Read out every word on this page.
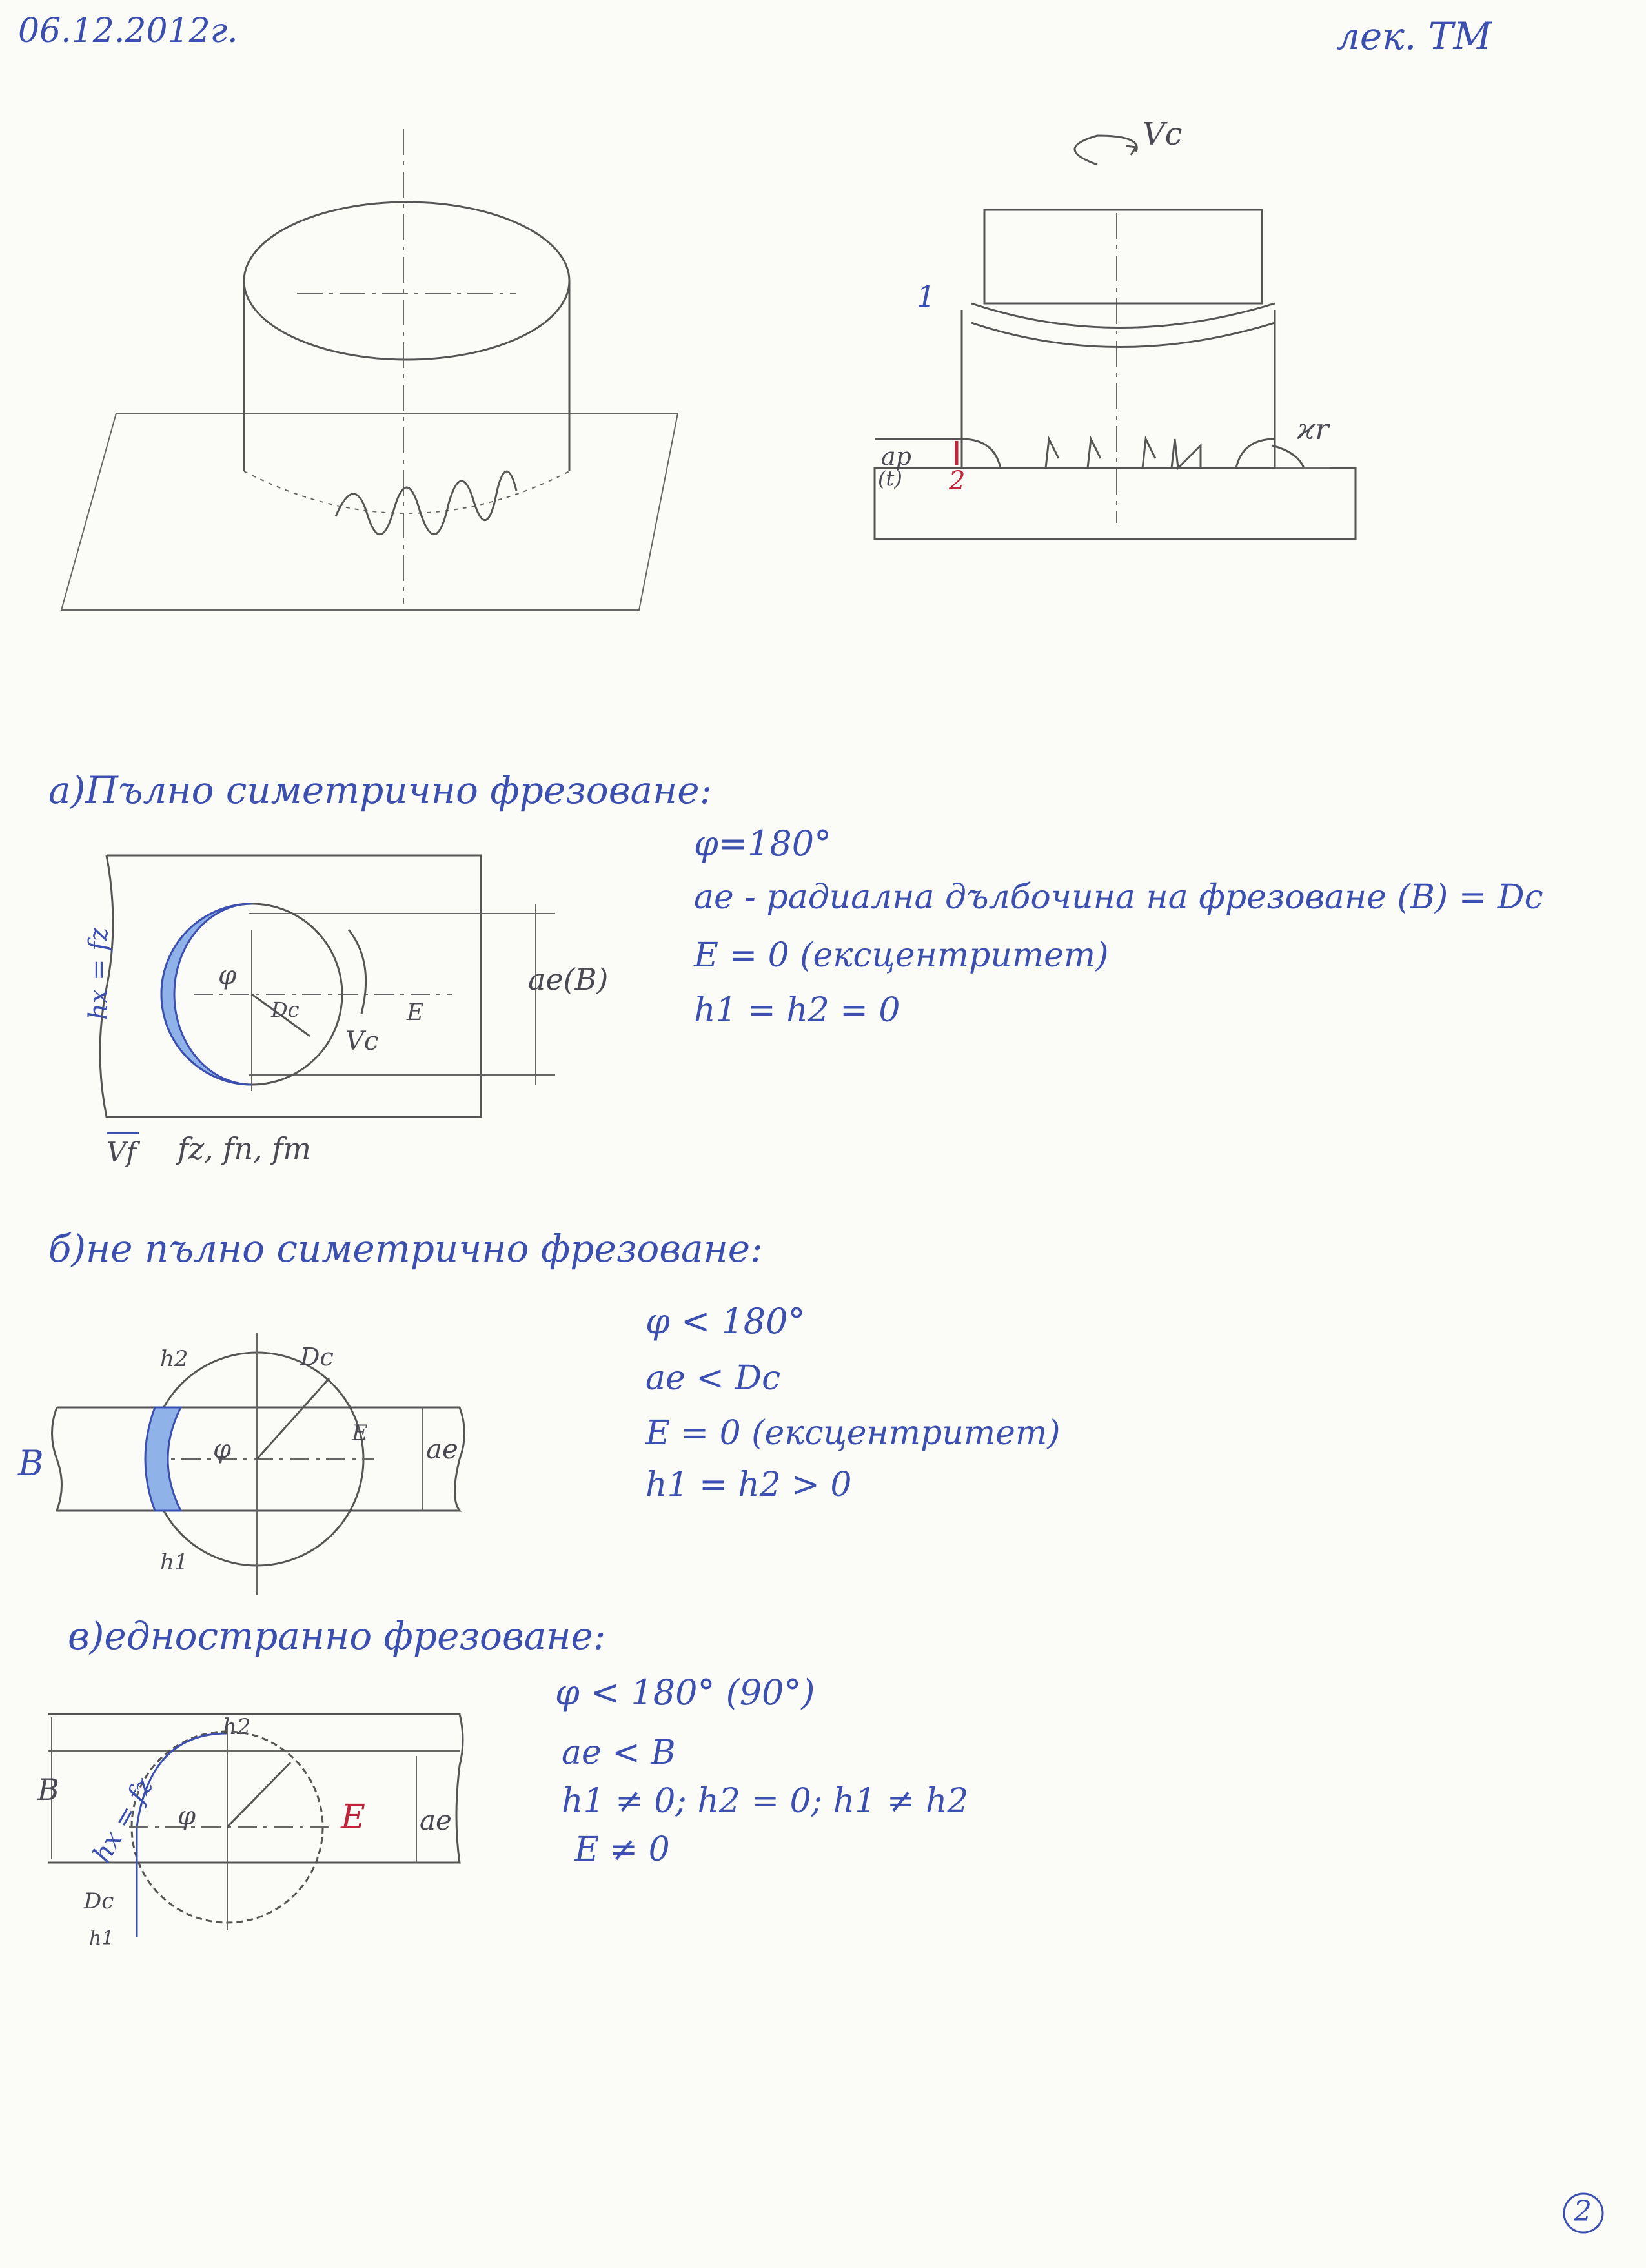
06.12.2012г.	лек. ТМ
Vc
1
2
ap
(t)
ϰr
а)Пълно симетрично фрезоване:
φ
Dc	E
Vc
ae(B)
hx = fz
Vf fz, fn, fm
φ=180°
ae - радиална дълбочина на фрезоване (B) = Dc
E = 0 (ексцентритет)
h1 = h2 = 0
б)не пълно симетрично фрезоване:
h2
h1
Dc
B	φ
E ae
φ < 180°
ae < Dc
E = 0 (ексцентритет)
h1 = h2 > 0
в)едностранно фрезоване:
h2
hx = fz
B
φ	E ae
Dc
h1
φ < 180° (90°)
ae < B
h1 ≠ 0; h2 = 0; h1 ≠ h2
E ≠ 0
2
